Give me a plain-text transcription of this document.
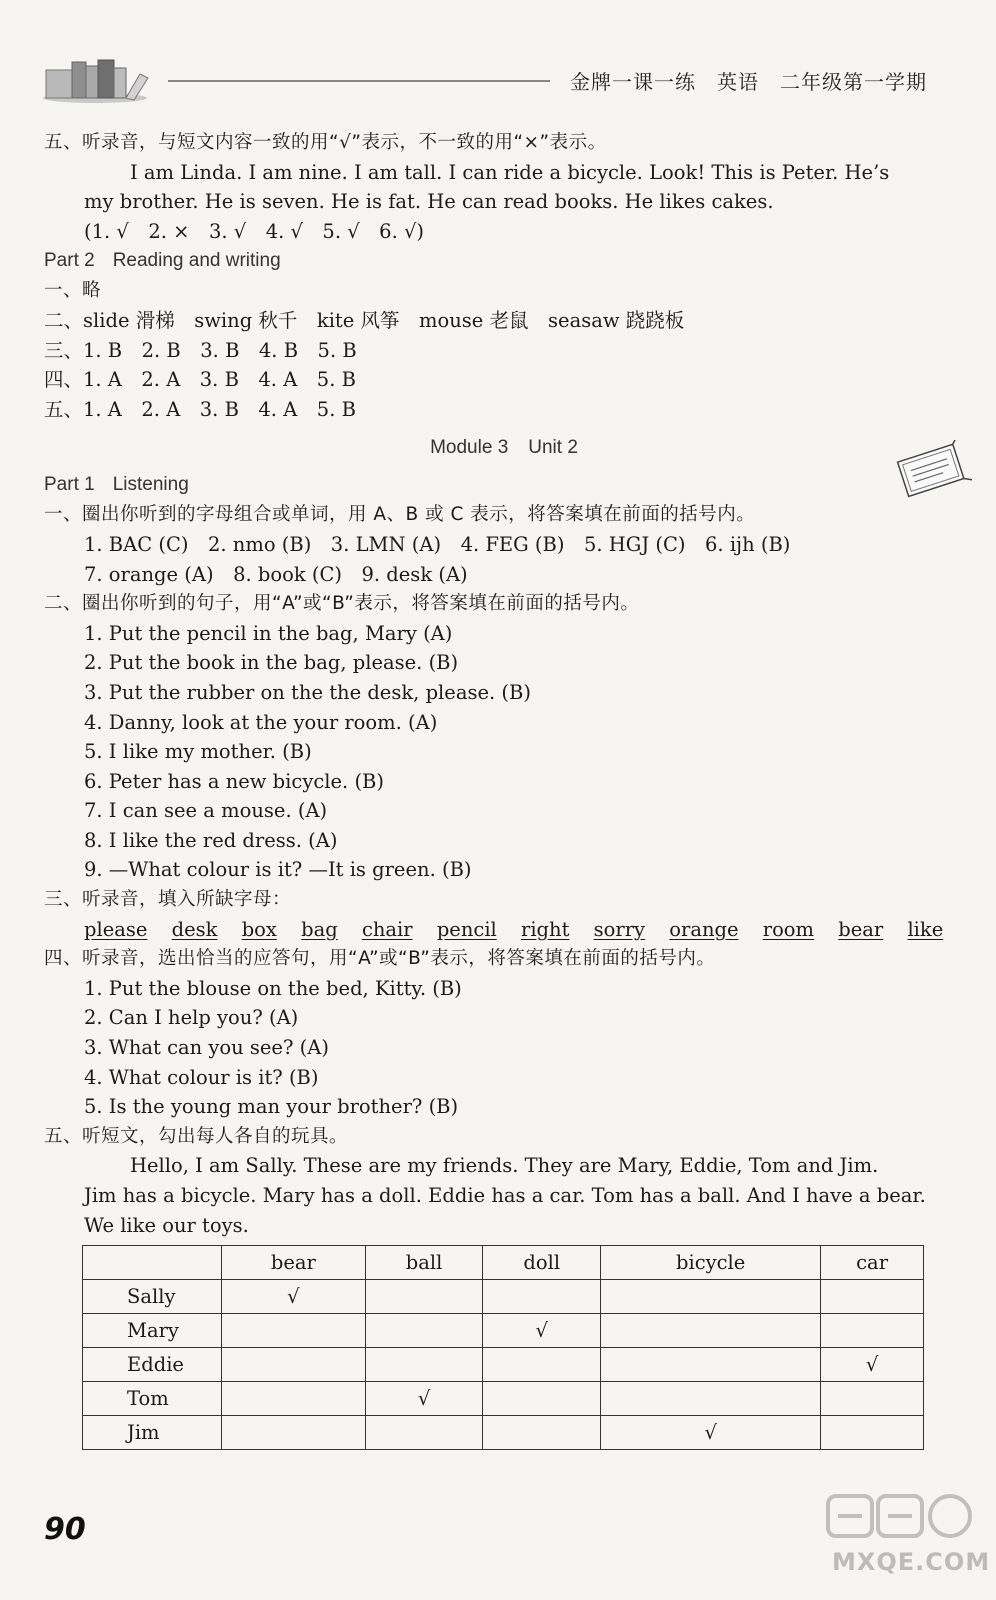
金牌一课一练　英语　二年级第一学期
五、听录音，与短文内容一致的用“√”表示，不一致的用“×”表示。
I am Linda. I am nine. I am tall. I can ride a bicycle. Look! This is Peter. He’s
my brother. He is seven. He is fat. He can read books. He likes cakes.
(1. √　2. ×　3. √　4. √　5. √　6. √)
Part 2 Reading and writing
一、略
二、slide 滑梯　swing 秋千　kite 风筝　mouse 老鼠　seasaw 跷跷板
三、1. B　2. B　3. B　4. B　5. B
四、1. A　2. A　3. B　4. A　5. B
五、1. A　2. A　3. B　4. A　5. B
Module 3 Unit 2
Part 1 Listening
一、圈出你听到的字母组合或单词，用 A、B 或 C 表示，将答案填在前面的括号内。
1. BAC (C)　2. nmo (B)　3. LMN (A)　4. FEG (B)　5. HGJ (C)　6. ijh (B)
7. orange (A)　8. book (C)　9. desk (A)
二、圈出你听到的句子，用“A”或“B”表示，将答案填在前面的括号内。
1. Put the pencil in the bag, Mary (A)
2. Put the book in the bag, please. (B)
3. Put the rubber on the the desk, please. (B)
4. Danny, look at the your room. (A)
5. I like my mother. (B)
6. Peter has a new bicycle. (B)
7. I can see a mouse. (A)
8. I like the red dress. (A)
9. —What colour is it? —It is green. (B)
三、听录音，填入所缺字母：
please desk box bag chair pencil right sorry orange room bear like
四、听录音，选出恰当的应答句，用“A”或“B”表示，将答案填在前面的括号内。
1. Put the blouse on the bed, Kitty. (B)
2. Can I help you? (A)
3. What can you see? (A)
4. What colour is it? (B)
5. Is the young man your brother? (B)
五、听短文，勾出每人各自的玩具。
Hello, I am Sally. These are my friends. They are Mary, Eddie, Tom and Jim.
Jim has a bicycle. Mary has a doll. Eddie has a car. Tom has a ball. And I have a bear.
We like our toys.
	bear	ball	doll	bicycle	car
Sally	√				
Mary			√		
Eddie					√
Tom		√			
Jim				√	
90
MXQE.COM
